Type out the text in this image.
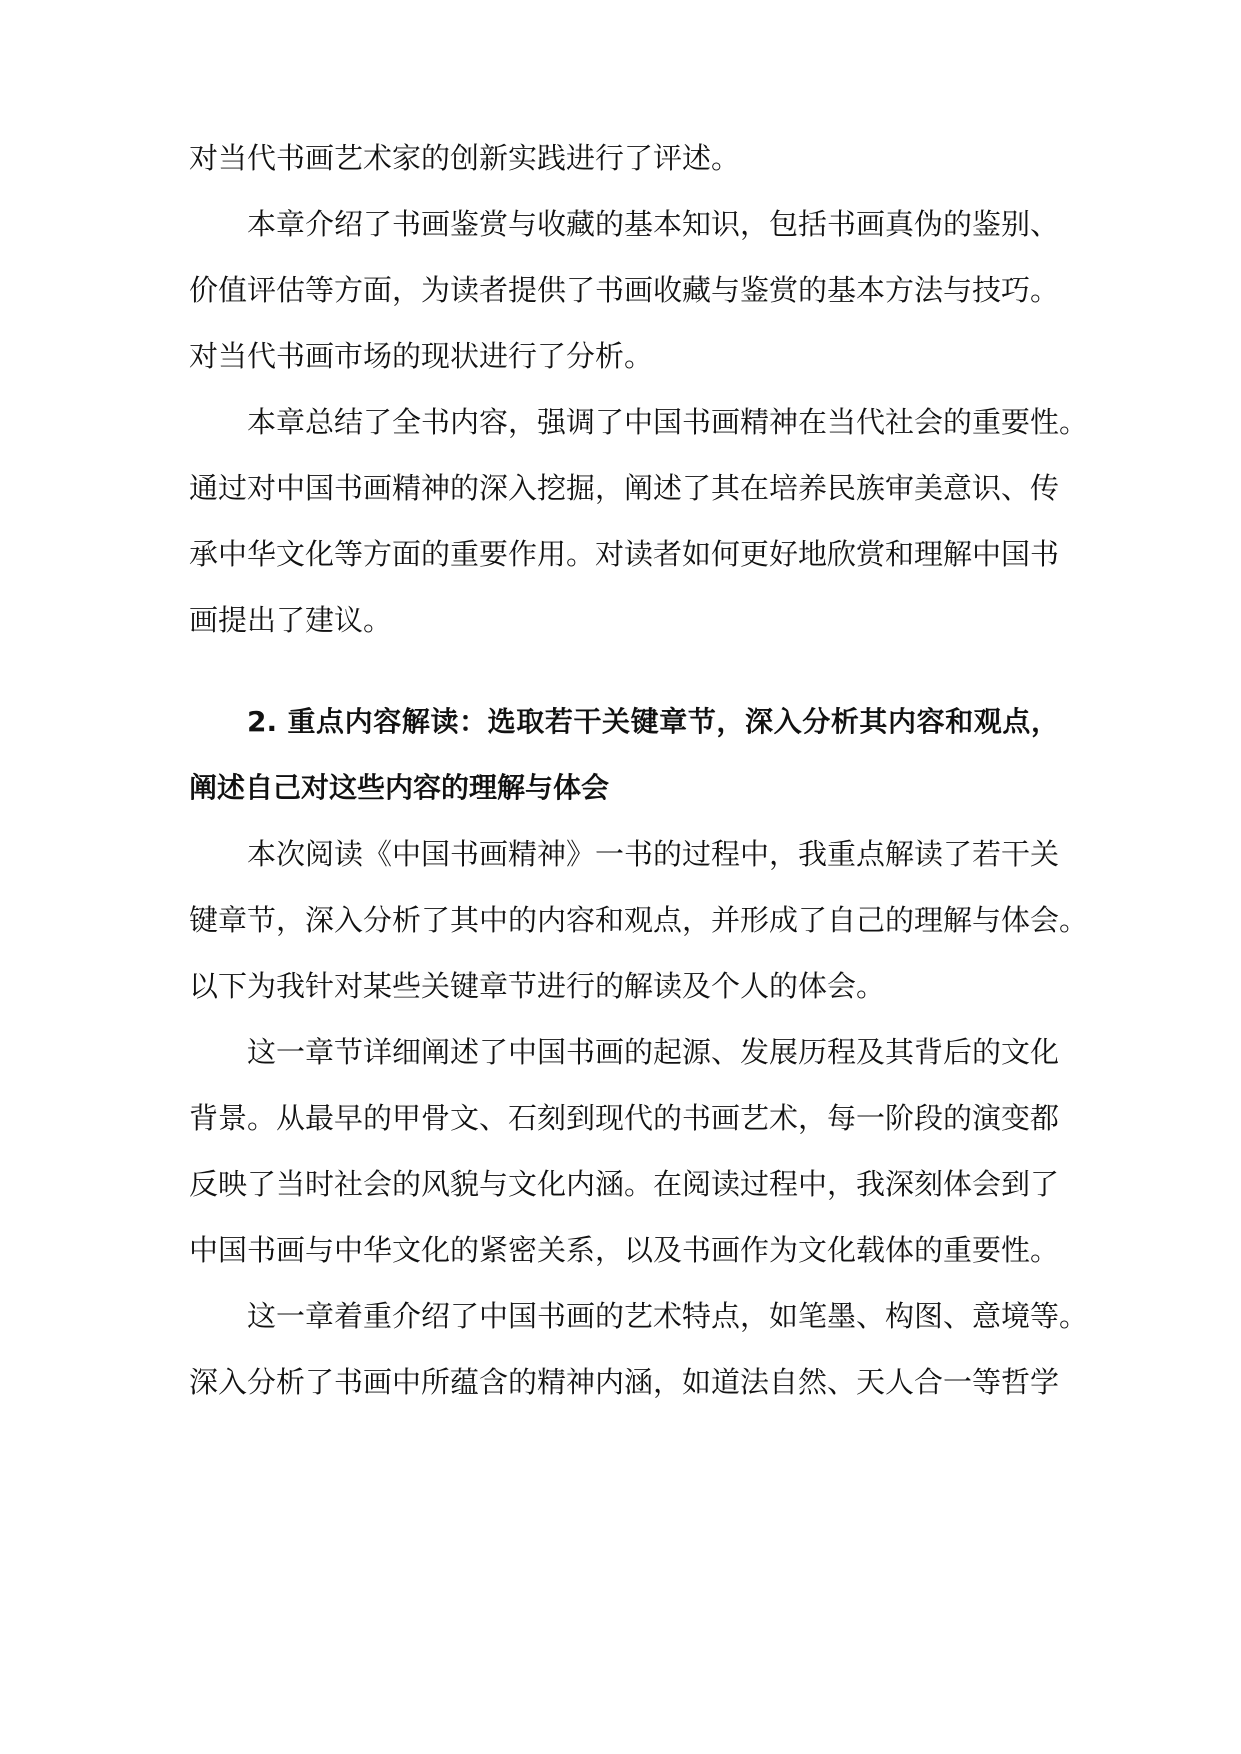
对当代书画艺术家的创新实践进行了评述。
本章介绍了书画鉴赏与收藏的基本知识，包括书画真伪的鉴别、
价值评估等方面，为读者提供了书画收藏与鉴赏的基本方法与技巧。
对当代书画市场的现状进行了分析。
本章总结了全书内容，强调了中国书画精神在当代社会的重要性。
通过对中国书画精神的深入挖掘，阐述了其在培养民族审美意识、传
承中华文化等方面的重要作用。对读者如何更好地欣赏和理解中国书
画提出了建议。
2. 重点内容解读：选取若干关键章节，深入分析其内容和观点，
阐述自己对这些内容的理解与体会
本次阅读《中国书画精神》一书的过程中，我重点解读了若干关
键章节，深入分析了其中的内容和观点，并形成了自己的理解与体会。
以下为我针对某些关键章节进行的解读及个人的体会。
这一章节详细阐述了中国书画的起源、发展历程及其背后的文化
背景。从最早的甲骨文、石刻到现代的书画艺术，每一阶段的演变都
反映了当时社会的风貌与文化内涵。在阅读过程中，我深刻体会到了
中国书画与中华文化的紧密关系，以及书画作为文化载体的重要性。
这一章着重介绍了中国书画的艺术特点，如笔墨、构图、意境等。
深入分析了书画中所蕴含的精神内涵，如道法自然、天人合一等哲学
